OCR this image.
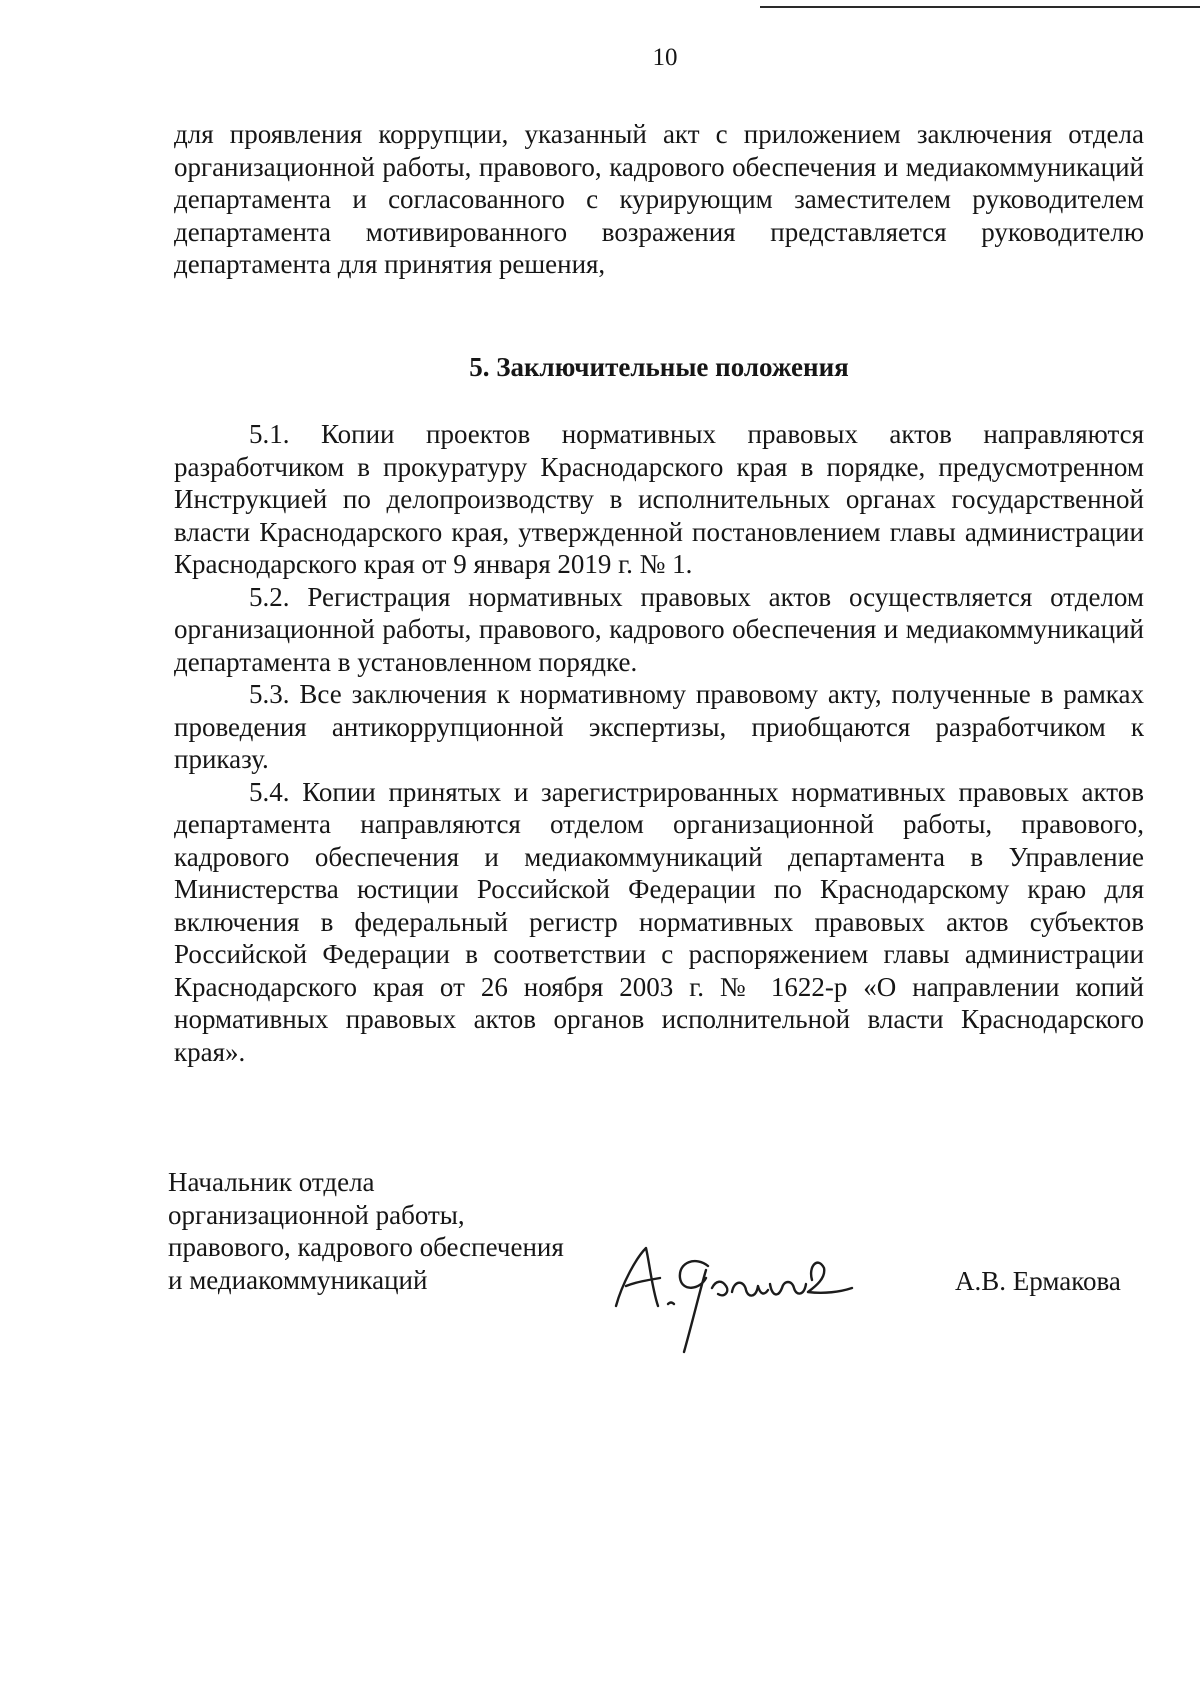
10
для проявления коррупции, указанный акт с приложением заключения отдела организационной работы, правового, кадрового обеспечения и медиакоммуникаций департамента и согласованного с курирующим заместителем руководителем департамента мотивированного возражения представляется руководителю департамента для принятия решения,
5. Заключительные положения

5.1. Копии проектов нормативных правовых актов направляются разработчиком в прокуратуру Краснодарского края в порядке, предусмотренном Инструкцией по делопроизводству в исполнительных органах государственной власти Краснодарского края, утвержденной постановлением главы администрации Краснодарского края от 9 января 2019 г. № 1.

5.2. Регистрация нормативных правовых актов осуществляется отделом организационной работы, правового, кадрового обеспечения и медиакоммуникаций департамента в установленном порядке.

5.3. Все заключения к нормативному правовому акту, полученные в рамках проведения антикоррупционной экспертизы, приобщаются разработчиком к приказу.

5.4. Копии принятых и зарегистрированных нормативных правовых актов департамента направляются отделом организационной работы, правового, кадрового обеспечения и медиакоммуникаций департамента в Управление Министерства юстиции Российской Федерации по Краснодарскому краю для включения в федеральный регистр нормативных правовых актов субъектов Российской Федерации в соответствии с распоряжением главы администрации Краснодарского края от 26 ноября 2003 г. № 1622-р «О направлении копий нормативных правовых актов органов исполнительной власти Краснодарского края».

Начальник отдела
организационной работы,
правового, кадрового обеспечения
и медиакоммуникаций	А.В. Ермакова
